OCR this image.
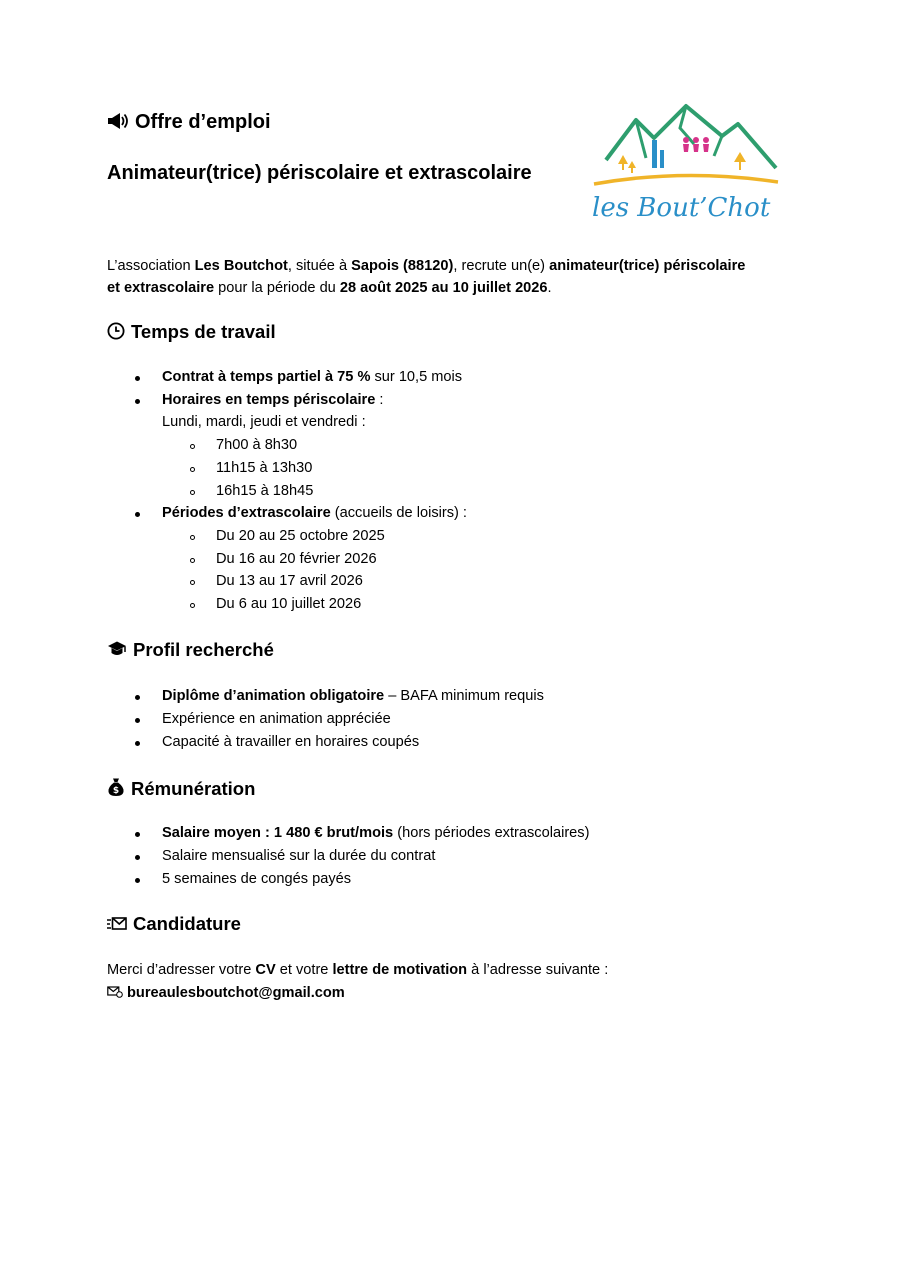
Offre d’emploi
Animateur(trice) périscolaire et extrascolaire
les Bout’Chot
L’association Les Boutchot, située à Sapois (88120), recrute un(e) animateur(trice) périscolaire
et extrascolaire pour la période du 28 août 2025 au 10 juillet 2026.
Temps de travail
Contrat à temps partiel à 75 % sur 10,5 mois
Horaires en temps périscolaire :
Lundi, mardi, jeudi et vendredi :
7h00 à 8h30
11h15 à 13h30
16h15 à 18h45
Périodes d’extrascolaire (accueils de loisirs) :
Du 20 au 25 octobre 2025
Du 16 au 20 février 2026
Du 13 au 17 avril 2026
Du 6 au 10 juillet 2026
Profil recherché
Diplôme d’animation obligatoire – BAFA minimum requis
Expérience en animation appréciée
Capacité à travailler en horaires coupés
$ Rémunération
Salaire moyen : 1 480 € brut/mois (hors périodes extrascolaires)
Salaire mensualisé sur la durée du contrat
5 semaines de congés payés
Candidature
Merci d’adresser votre CV et votre lettre de motivation à l’adresse suivante :
bureaulesboutchot@gmail.com
